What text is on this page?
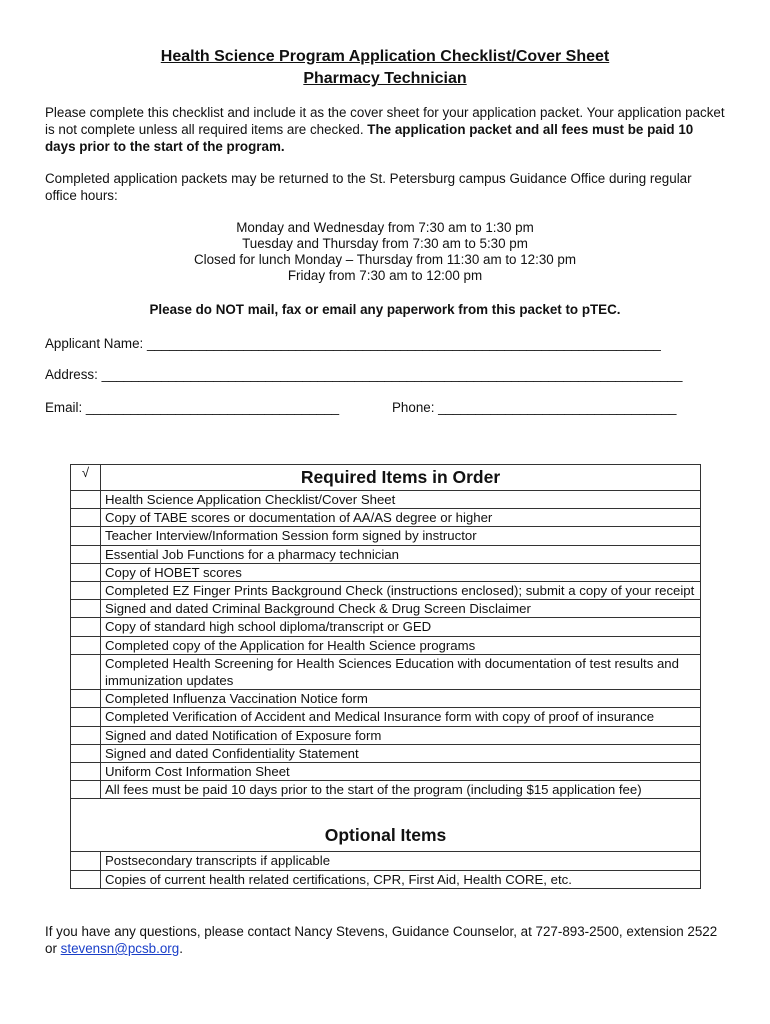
Health Science Program Application Checklist/Cover Sheet
Pharmacy Technician
Please complete this checklist and include it as the cover sheet for your application packet. Your application packet is not complete unless all required items are checked. The application packet and all fees must be paid 10 days prior to the start of the program.
Completed application packets may be returned to the St. Petersburg campus Guidance Office during regular office hours:
Monday and Wednesday from 7:30 am to 1:30 pm
Tuesday and Thursday from 7:30 am to 5:30 pm
Closed for lunch Monday – Thursday from 11:30 am to 12:30 pm
Friday from 7:30 am to 12:00 pm
Please do NOT mail, fax or email any paperwork from this packet to pTEC.
Applicant Name: _____________________________________________________________________
Address: ______________________________________________________________________________
Email: __________________________________	Phone: ________________________________
√	Required Items in Order

	Health Science Application Checklist/Cover Sheet
	Copy of TABE scores or documentation of AA/AS degree or higher
	Teacher Interview/Information Session form signed by instructor
	Essential Job Functions for a pharmacy technician
	Copy of HOBET scores
	Completed EZ Finger Prints Background Check (instructions enclosed); submit a copy of your receipt
	Signed and dated Criminal Background Check & Drug Screen Disclaimer
	Copy of standard high school diploma/transcript or GED
	Completed copy of the Application for Health Science programs
	Completed Health Screening for Health Sciences Education with documentation of test results and immunization updates
	Completed Influenza Vaccination Notice form
	Completed Verification of Accident and Medical Insurance form with copy of proof of insurance
	Signed and dated Notification of Exposure form
	Signed and dated Confidentiality Statement
	Uniform Cost Information Sheet
	All fees must be paid 10 days prior to the start of the program (including $15 application fee)

Optional Items	

	Postsecondary transcripts if applicable
	Copies of current health related certifications, CPR, First Aid, Health CORE, etc.
If you have any questions, please contact Nancy Stevens, Guidance Counselor, at 727-893-2500, extension 2522 or stevensn@pcsb.org.
